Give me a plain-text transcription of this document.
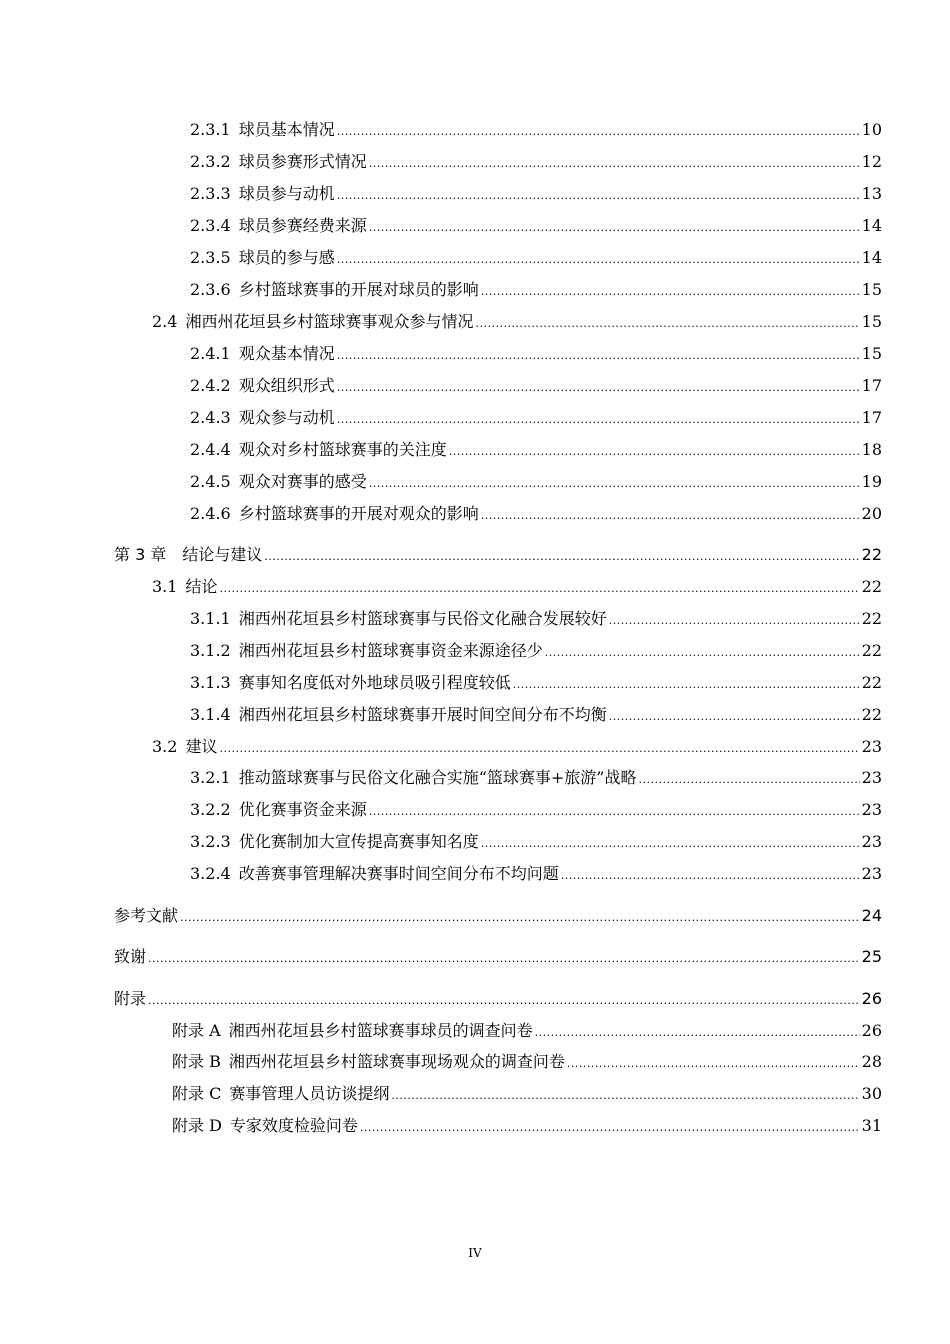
2.3.1 球员基本情况 .....	10
2.3.2 球员参赛形式情况 .....	12
2.3.3 球员参与动机 .....	13
2.3.4 球员参赛经费来源 .....	14
2.3.5 球员的参与感 .....	14
2.3.6 乡村篮球赛事的开展对球员的影响 .....	15
2.4 湘西州花垣县乡村篮球赛事观众参与情况 .....	15
2.4.1 观众基本情况 .....	15
2.4.2 观众组织形式 .....	17
2.4.3 观众参与动机 .....	17
2.4.4 观众对乡村篮球赛事的关注度 .....	18
2.4.5 观众对赛事的感受 .....	19
2.4.6 乡村篮球赛事的开展对观众的影响 .....	20
第 3 章 结论与建议 .....	22
3.1 结论 .....	22
3.1.1 湘西州花垣县乡村篮球赛事与民俗文化融合发展较好 .....	22
3.1.2 湘西州花垣县乡村篮球赛事资金来源途径少 .....	22
3.1.3 赛事知名度低对外地球员吸引程度较低 .....	22
3.1.4 湘西州花垣县乡村篮球赛事开展时间空间分布不均衡 .....	22
3.2 建议 .....	23
3.2.1 推动篮球赛事与民俗文化融合实施“篮球赛事+旅游”战略 .....	23
3.2.2 优化赛事资金来源 .....	23
3.2.3 优化赛制加大宣传提高赛事知名度 .....	23
3.2.4 改善赛事管理解决赛事时间空间分布不均问题 .....	23
参考文献 .....	24
致谢 .....	25
附录 .....	26
附录 A 湘西州花垣县乡村篮球赛事球员的调查问卷 .....	26
附录 B 湘西州花垣县乡村篮球赛事现场观众的调查问卷 .....	28
附录 C 赛事管理人员访谈提纲 .....	30
附录 D 专家效度检验问卷 .....	31
IV
